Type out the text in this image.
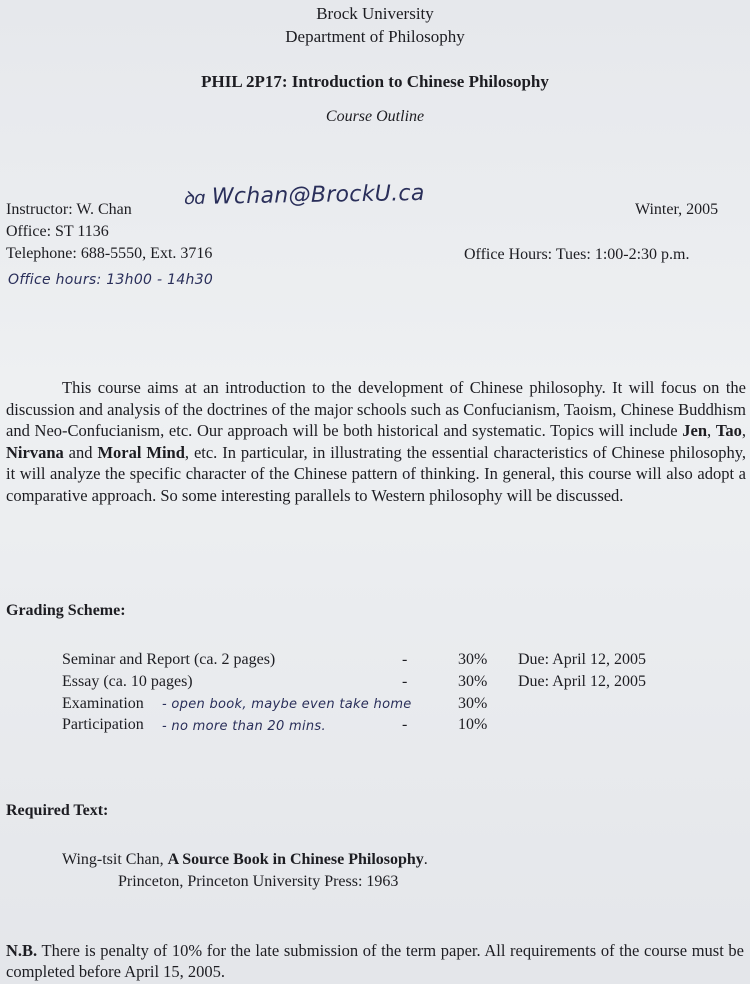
Brock University
Department of Philosophy
PHIL 2P17: Introduction to Chinese Philosophy
Course Outline
Instructor: W. Chan
ꝺɑ Wchan@BrockU.ca	Winter, 2005
Office: ST 1136
Telephone: 688-5550, Ext. 3716	Office Hours: Tues: 1:00-2:30 p.m.
Office hours: 13h00 - 14h30

This course aims at an introduction to the development of Chinese philosophy. It will focus on the discussion and analysis of the doctrines of the major schools such as Confucianism, Taoism, Chinese Buddhism and Neo-Confucianism, etc. Our approach will be both historical and systematic. Topics will include Jen, Tao, Nirvana and Moral Mind, etc. In particular, in illustrating the essential characteristics of Chinese philosophy, it will analyze the specific character of the Chinese pattern of thinking. In general, this course will also adopt a comparative approach. So some interesting parallels to Western philosophy will be discussed.

Grading Scheme:
Seminar and Report (ca. 2 pages)	-	30% Due: April 12, 2005
Essay (ca. 10 pages)	-	30% Due: April 12, 2005
Examination - open book, maybe even take home	30%
Participation - no more than 20 mins.	-	10%
Required Text:
Wing-tsit Chan, A Source Book in Chinese Philosophy.
Princeton, Princeton University Press: 1963

N.B. There is penalty of 10% for the late submission of the term paper. All requirements of the course must be completed before April 15, 2005.
